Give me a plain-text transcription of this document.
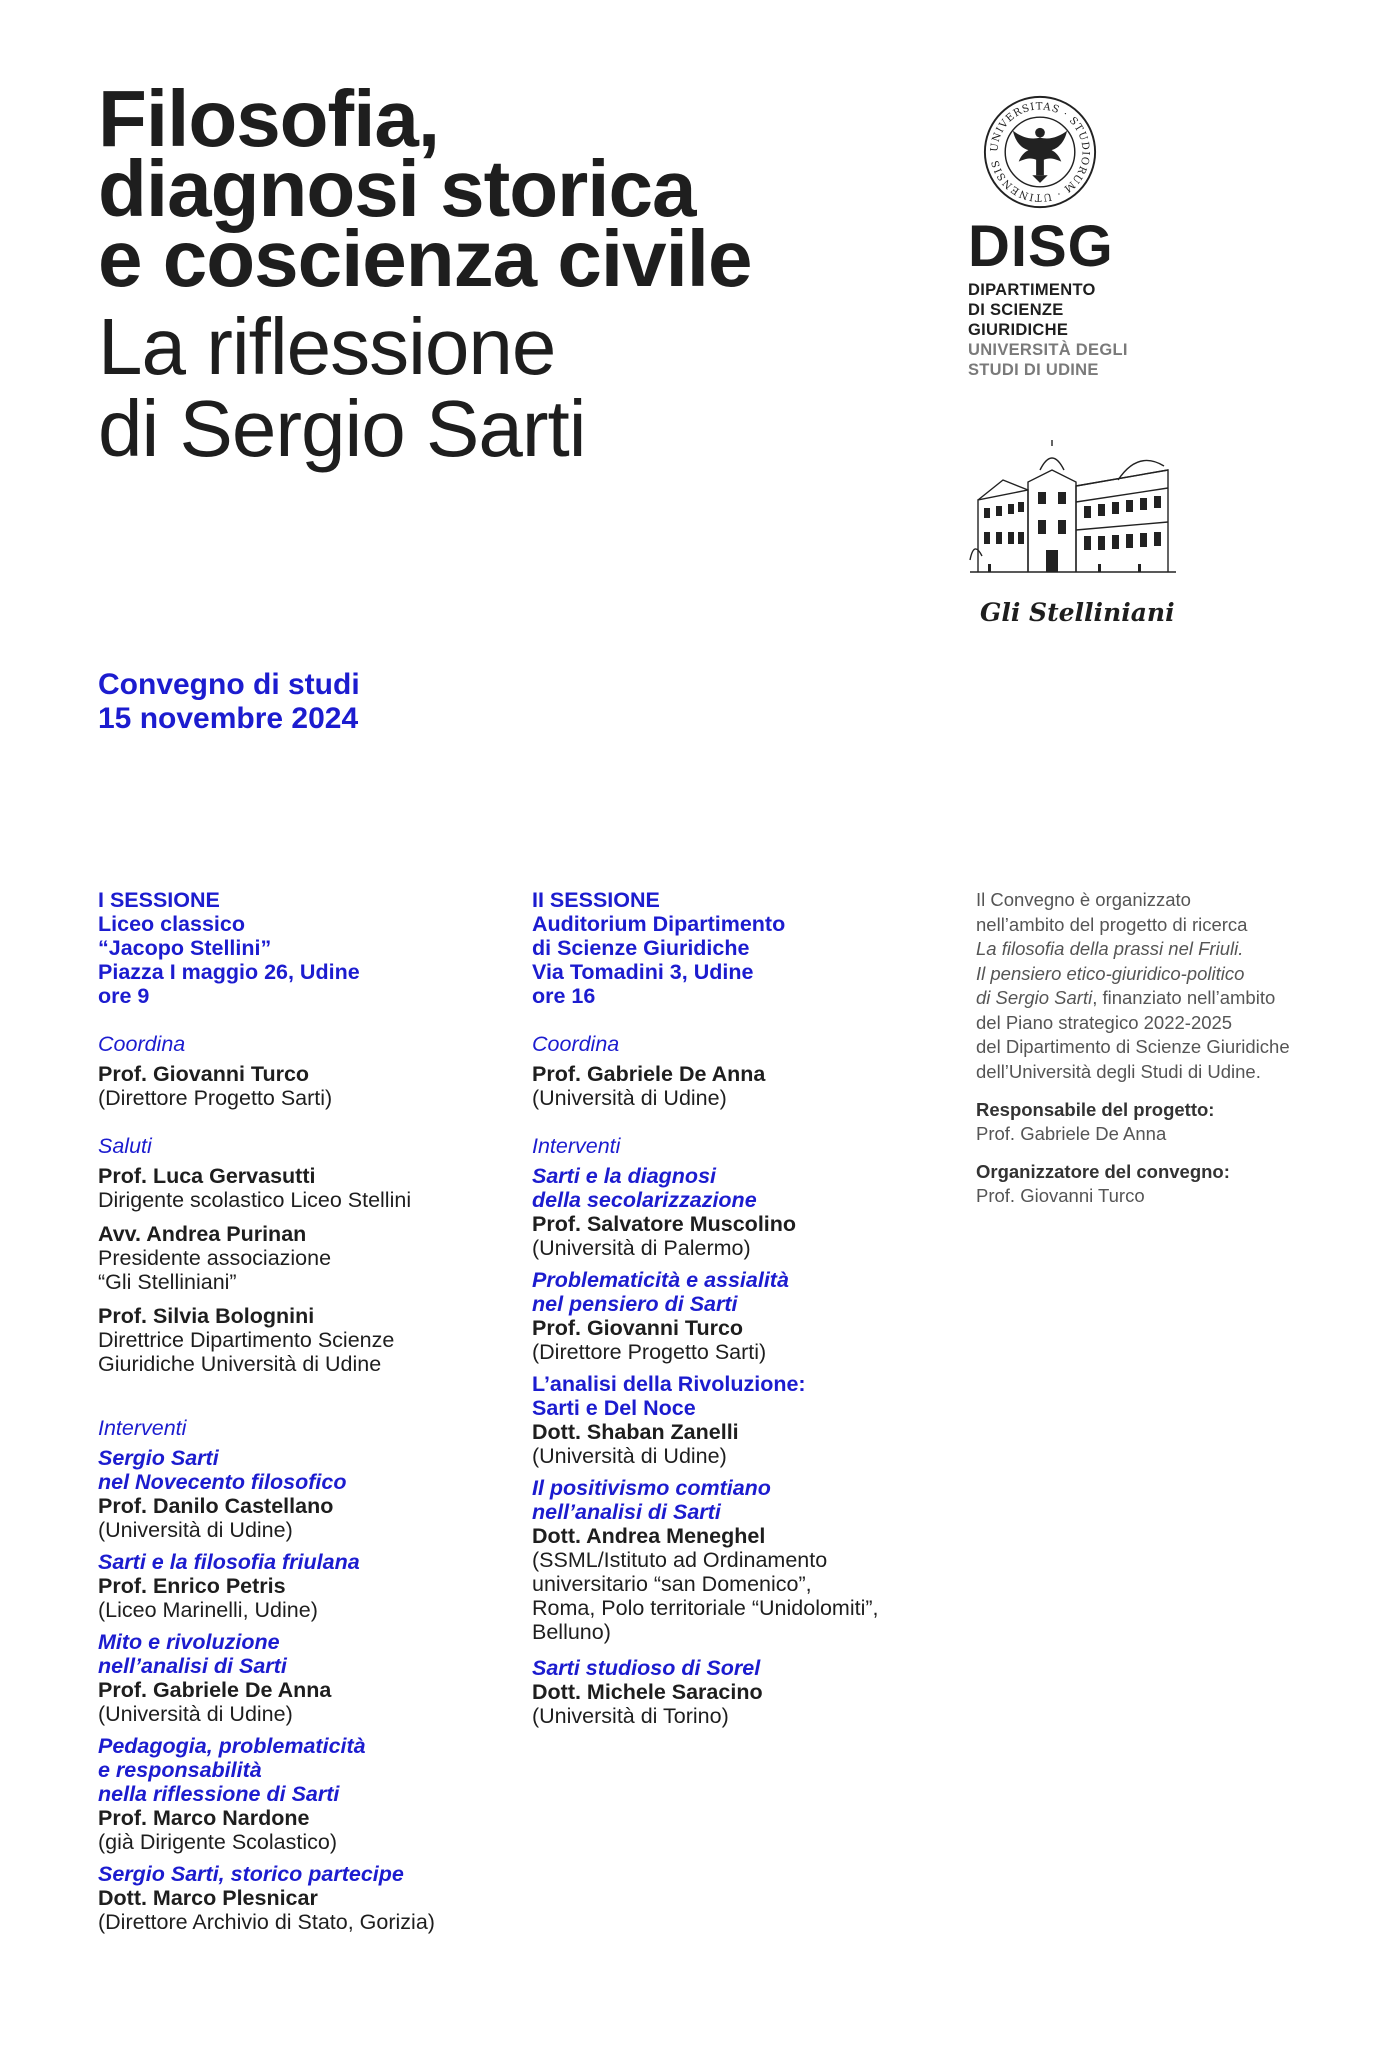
Filosofia,
diagnosi storica
e coscienza civile
La riflessione
di Sergio Sarti
UNIVERSITAS · STUDIORUM · UTINENSIS
DISG
DIPARTIMENTO
DI SCIENZE
GIURIDICHE
UNIVERSITÀ DEGLI
STUDI DI UDINE
Gli Stelliniani
Convegno di studi
15 novembre 2024
I SESSIONE
Liceo classico
“Jacopo Stellini”
Piazza I maggio 26, Udine
ore 9
Coordina
Prof. Giovanni Turco
(Direttore Progetto Sarti)
Saluti
Prof. Luca Gervasutti
Dirigente scolastico Liceo Stellini
Avv. Andrea Purinan
Presidente associazione
“Gli Stelliniani”
Prof. Silvia Bolognini
Direttrice Dipartimento Scienze
Giuridiche Università di Udine
Interventi
Sergio Sarti
nel Novecento filosofico
Prof. Danilo Castellano
(Università di Udine)
Sarti e la filosofia friulana
Prof. Enrico Petris
(Liceo Marinelli, Udine)
Mito e rivoluzione
nell’analisi di Sarti
Prof. Gabriele De Anna
(Università di Udine)
Pedagogia, problematicità
e responsabilità
nella riflessione di Sarti
Prof. Marco Nardone
(già Dirigente Scolastico)
Sergio Sarti, storico partecipe
Dott. Marco Plesnicar
(Direttore Archivio di Stato, Gorizia)
II SESSIONE
Auditorium Dipartimento
di Scienze Giuridiche
Via Tomadini 3, Udine
ore 16
Coordina
Prof. Gabriele De Anna
(Università di Udine)
Interventi
Sarti e la diagnosi
della secolarizzazione
Prof. Salvatore Muscolino
(Università di Palermo)
Problematicità e assialità
nel pensiero di Sarti
Prof. Giovanni Turco
(Direttore Progetto Sarti)
L’analisi della Rivoluzione:
Sarti e Del Noce
Dott. Shaban Zanelli
(Università di Udine)
Il positivismo comtiano
nell’analisi di Sarti
Dott. Andrea Meneghel
(SSML/Istituto ad Ordinamento
universitario “san Domenico”,
Roma, Polo territoriale “Unidolomiti”,
Belluno)
Sarti studioso di Sorel
Dott. Michele Saracino
(Università di Torino)
Il Convegno è organizzato
nell’ambito del progetto di ricerca
La filosofia della prassi nel Friuli.
Il pensiero etico-giuridico-politico
di Sergio Sarti, finanziato nell’ambito
del Piano strategico 2022-2025
del Dipartimento di Scienze Giuridiche
dell’Università degli Studi di Udine.
Responsabile del progetto:
Prof. Gabriele De Anna
Organizzatore del convegno:
Prof. Giovanni Turco
